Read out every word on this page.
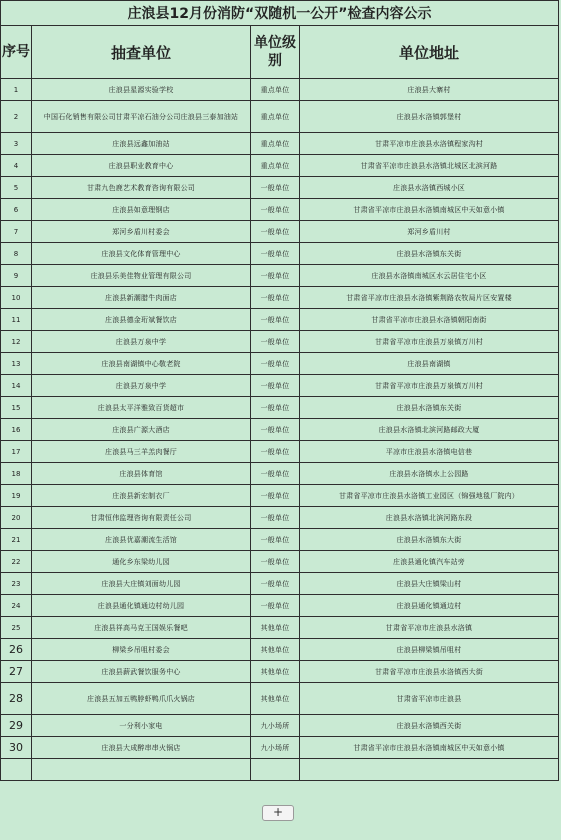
庄浪县12月份消防“双随机一公开”检查内容公示			
序号	抽查单位	单位级别	单位地址
1	庄浪县星源实验学校	重点单位	庄浪县大寨村
2	中国石化销售有限公司甘肃平凉石油分公司庄浪县三泰加油站	重点单位	庄浪县水洛镇郭堡村
3	庄浪县远鑫加油站	重点单位	甘肃平凉市庄浪县水洛镇程家沟村
4	庄浪县职业教育中心	重点单位	甘肃省平凉市庄浪县水洛镇北城区北滨河路
5	甘肃九色鹿艺术教育咨询有限公司	一般单位	庄浪县水洛镇西城小区
6	庄浪县如意理钢店	一般单位	甘肃省平凉市庄浪县水洛镇南城区中天如意小镇
7	郑河乡盾川村委会	一般单位	郑河乡盾川村
8	庄浪县文化体育管理中心	一般单位	庄浪县水洛镇东关街
9	庄浪县乐美佳物业管理有限公司	一般单位	庄浪县水洛镇南城区水云居住宅小区
10	庄浪县新潮腊牛肉面店	一般单位	甘肃省平凉市庄浪县水洛镇紫荆路农牧局片区安置楼
11	庄浪县德金珩斌餐饮店	一般单位	甘肃省平凉市庄浪县水洛镇朝阳南街
12	庄浪县万泉中学	一般单位	甘肃省平凉市庄浪县万泉镇万川村
13	庄浪县南湖镇中心敬老院	一般单位	庄浪县南湖镇
14	庄浪县万泉中学	一般单位	甘肃省平凉市庄浪县万泉镇万川村
15	庄浪县太平洋雅致百货超市	一般单位	庄浪县水洛镇东关街
16	庄浪县广源大酒店	一般单位	庄浪县水洛镇北滨河路邮政大厦
17	庄浪县马三羊羔肉餐厅	一般单位	平凉市庄浪县水洛镇电信巷
18	庄浪县体育馆	一般单位	庄浪县水洛镇水上公园路
19	庄浪县新宏制衣厂	一般单位	甘肃省平凉市庄浪县水洛镇工业园区（锦强地毯厂院内）
20	甘肃恒伟监理咨询有限责任公司	一般单位	庄浪县水洛镇北滨河路东段
21	庄浪县优嘉潮流生活馆	一般单位	庄浪县水洛镇东大街
22	通化乡东梁幼儿园	一般单位	庄浪县通化镇汽车站旁
23	庄浪县大庄镇刘面幼儿园	一般单位	庄浪县大庄镇梁山村
24	庄浪县通化镇通边村幼儿园	一般单位	庄浪县通化镇通边村
25	庄浪县祥高马克王国娱乐餐吧	其他单位	甘肃省平凉市庄浪县水洛镇
26	柳梁乡吊咀村委会	其他单位	庄浪县柳梁镇吊咀村
27	庄浪县薪武餐饮服务中心	其他单位	甘肃省平凉市庄浪县水洛镇西大街
28	庄浪县五加五鸭脖虾鸭爪爪火锅店	其他单位	甘肃省平凉市庄浪县
29	一分利小家电	九小场所	庄浪县水洛镇西关街
30	庄浪县大成醉串串火锅店	九小场所	甘肃省平凉市庄浪县水洛镇南城区中天如意小镇

+
